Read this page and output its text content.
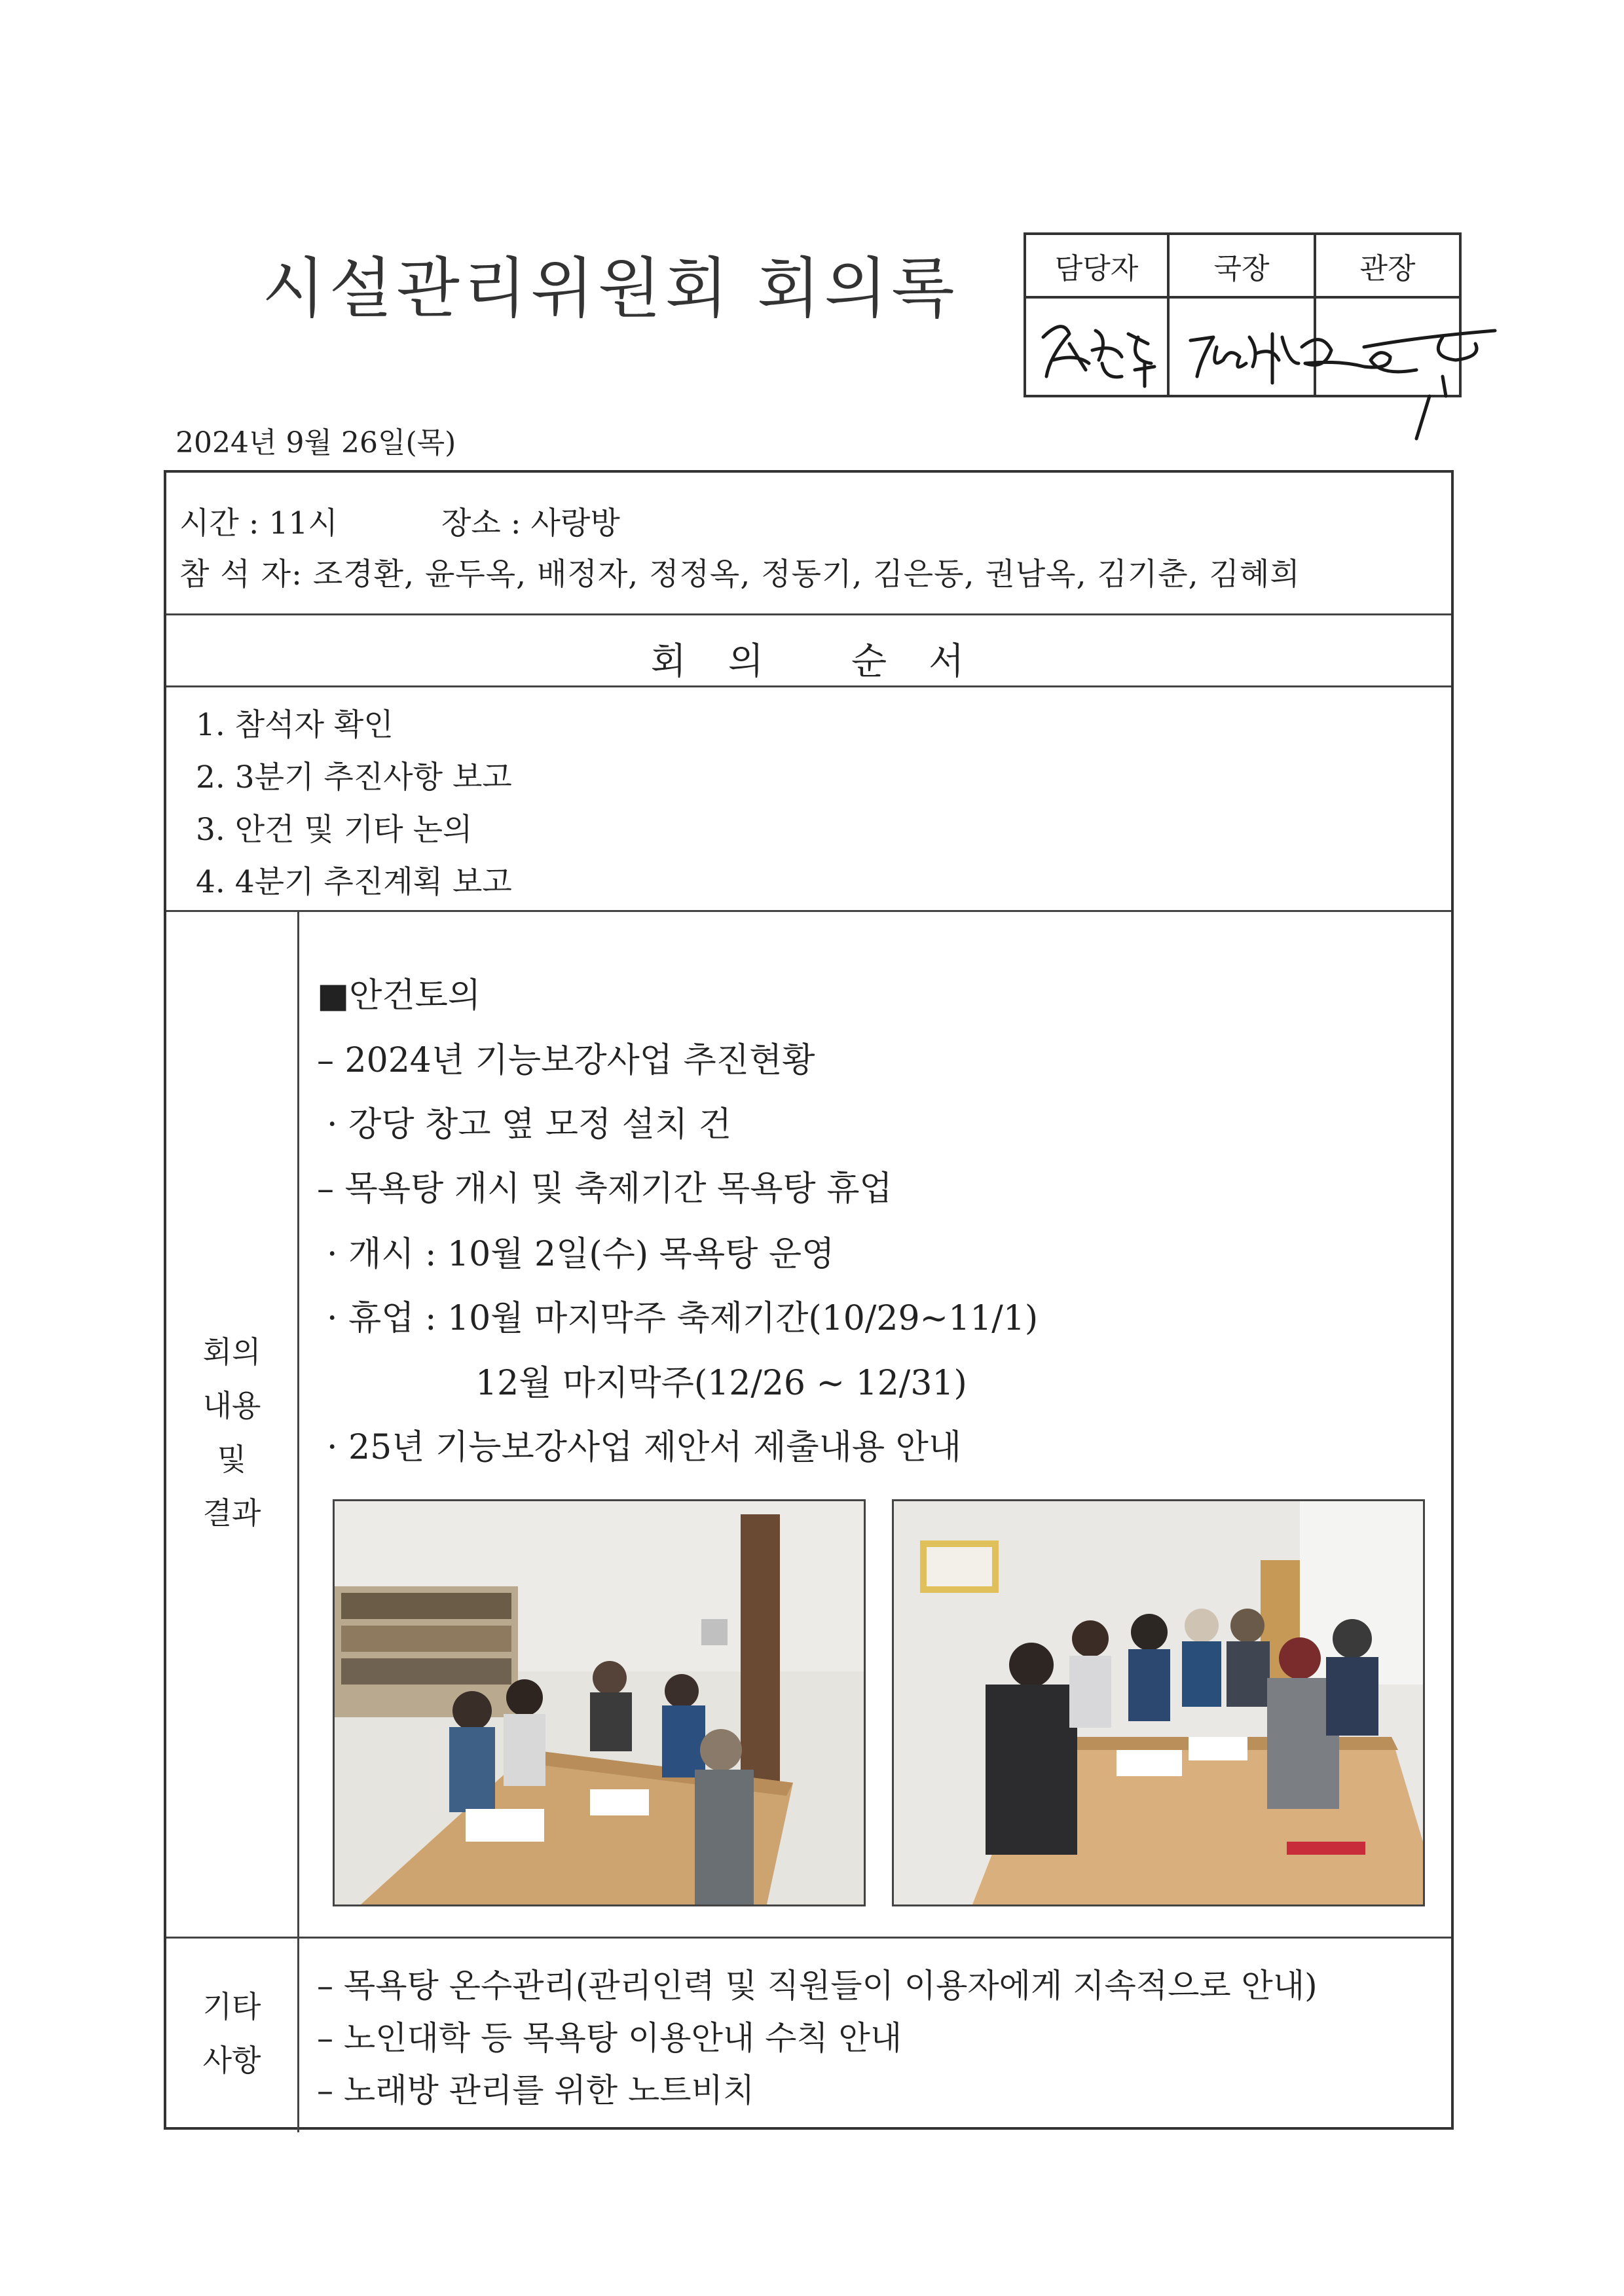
시설관리위원회 회의록	담당자	국장	관장

2024년 9월 26일(목)
시간 : 11시	장소 : 사랑방
참 석 자: 조경환, 윤두옥, 배정자, 정정옥, 정동기, 김은동, 권남옥, 김기춘, 김혜희
회 의 순 서
1. 참석자 확인
2. 3분기 추진사항 보고
3. 안건 및 기타 논의
4. 4분기 추진계획 보고
회의
내용
및
결과
■안건토의
– 2024년 기능보강사업 추진현황
· 강당 창고 옆 모정 설치 건
– 목욕탕 개시 및 축제기간 목욕탕 휴업
· 개시 : 10월 2일(수) 목욕탕 운영
· 휴업 : 10월 마지막주 축제기간(10/29~11/1)
12월 마지막주(12/26 ~ 12/31)
· 25년 기능보강사업 제안서 제출내용 안내
기타
사항
– 목욕탕 온수관리(관리인력 및 직원들이 이용자에게 지속적으로 안내)
– 노인대학 등 목욕탕 이용안내 수칙 안내
– 노래방 관리를 위한 노트비치
